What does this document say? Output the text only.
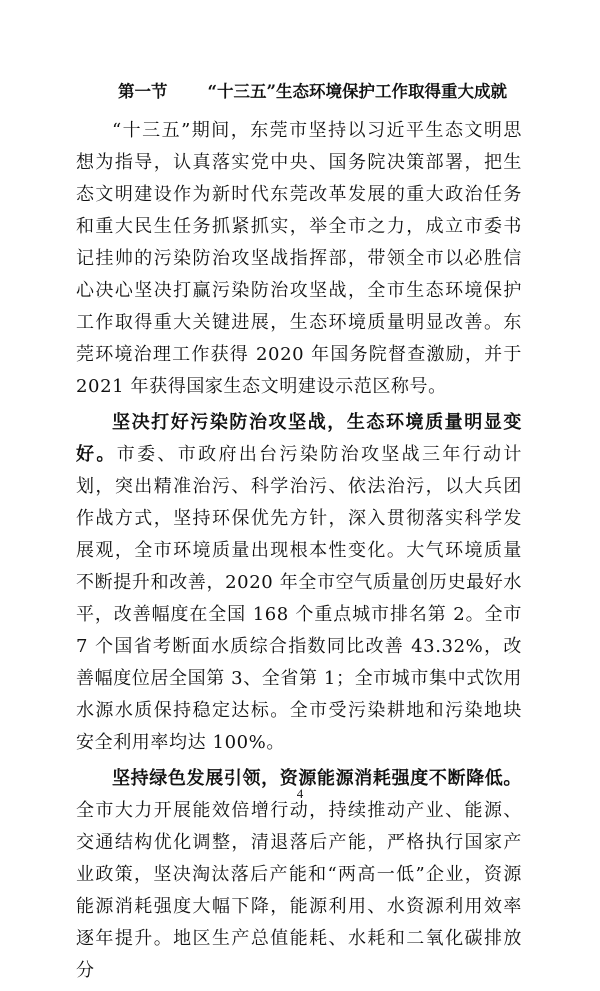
第一节 “十三五”生态环境保护工作取得重大成就

“十三五”期间，东莞市坚持以习近平生态文明思想为指导，认真落实党中央、国务院决策部署，把生态文明建设作为新时代东莞改革发展的重大政治任务和重大民生任务抓紧抓实，举全市之力，成立市委书记挂帅的污染防治攻坚战指挥部，带领全市以必胜信心决心坚决打赢污染防治攻坚战，全市生态环境保护工作取得重大关键进展，生态环境质量明显改善。东莞环境治理工作获得 2020 年国务院督查激励，并于 2021 年获得国家生态文明建设示范区称号。

坚决打好污染防治攻坚战，生态环境质量明显变好。市委、市政府出台污染防治攻坚战三年行动计划，突出精准治污、科学治污、依法治污，以大兵团作战方式，坚持环保优先方针，深入贯彻落实科学发展观，全市环境质量出现根本性变化。大气环境质量不断提升和改善，2020 年全市空气质量创历史最好水平，改善幅度在全国 168 个重点城市排名第 2。全市 7 个国省考断面水质综合指数同比改善 43.32%，改善幅度位居全国第 3、全省第 1；全市城市集中式饮用水源水质保持稳定达标。全市受污染耕地和污染地块安全利用率均达 100%。

坚持绿色发展引领，资源能源消耗强度不断降低。全市大力开展能效倍增行动，持续推动产业、能源、交通结构优化调整，清退落后产能，严格执行国家产业政策，坚决淘汰落后产能和“两高一低”企业，资源能源消耗强度大幅下降，能源利用、水资源利用效率逐年提升。地区生产总值能耗、水耗和二氧化碳排放分

4
